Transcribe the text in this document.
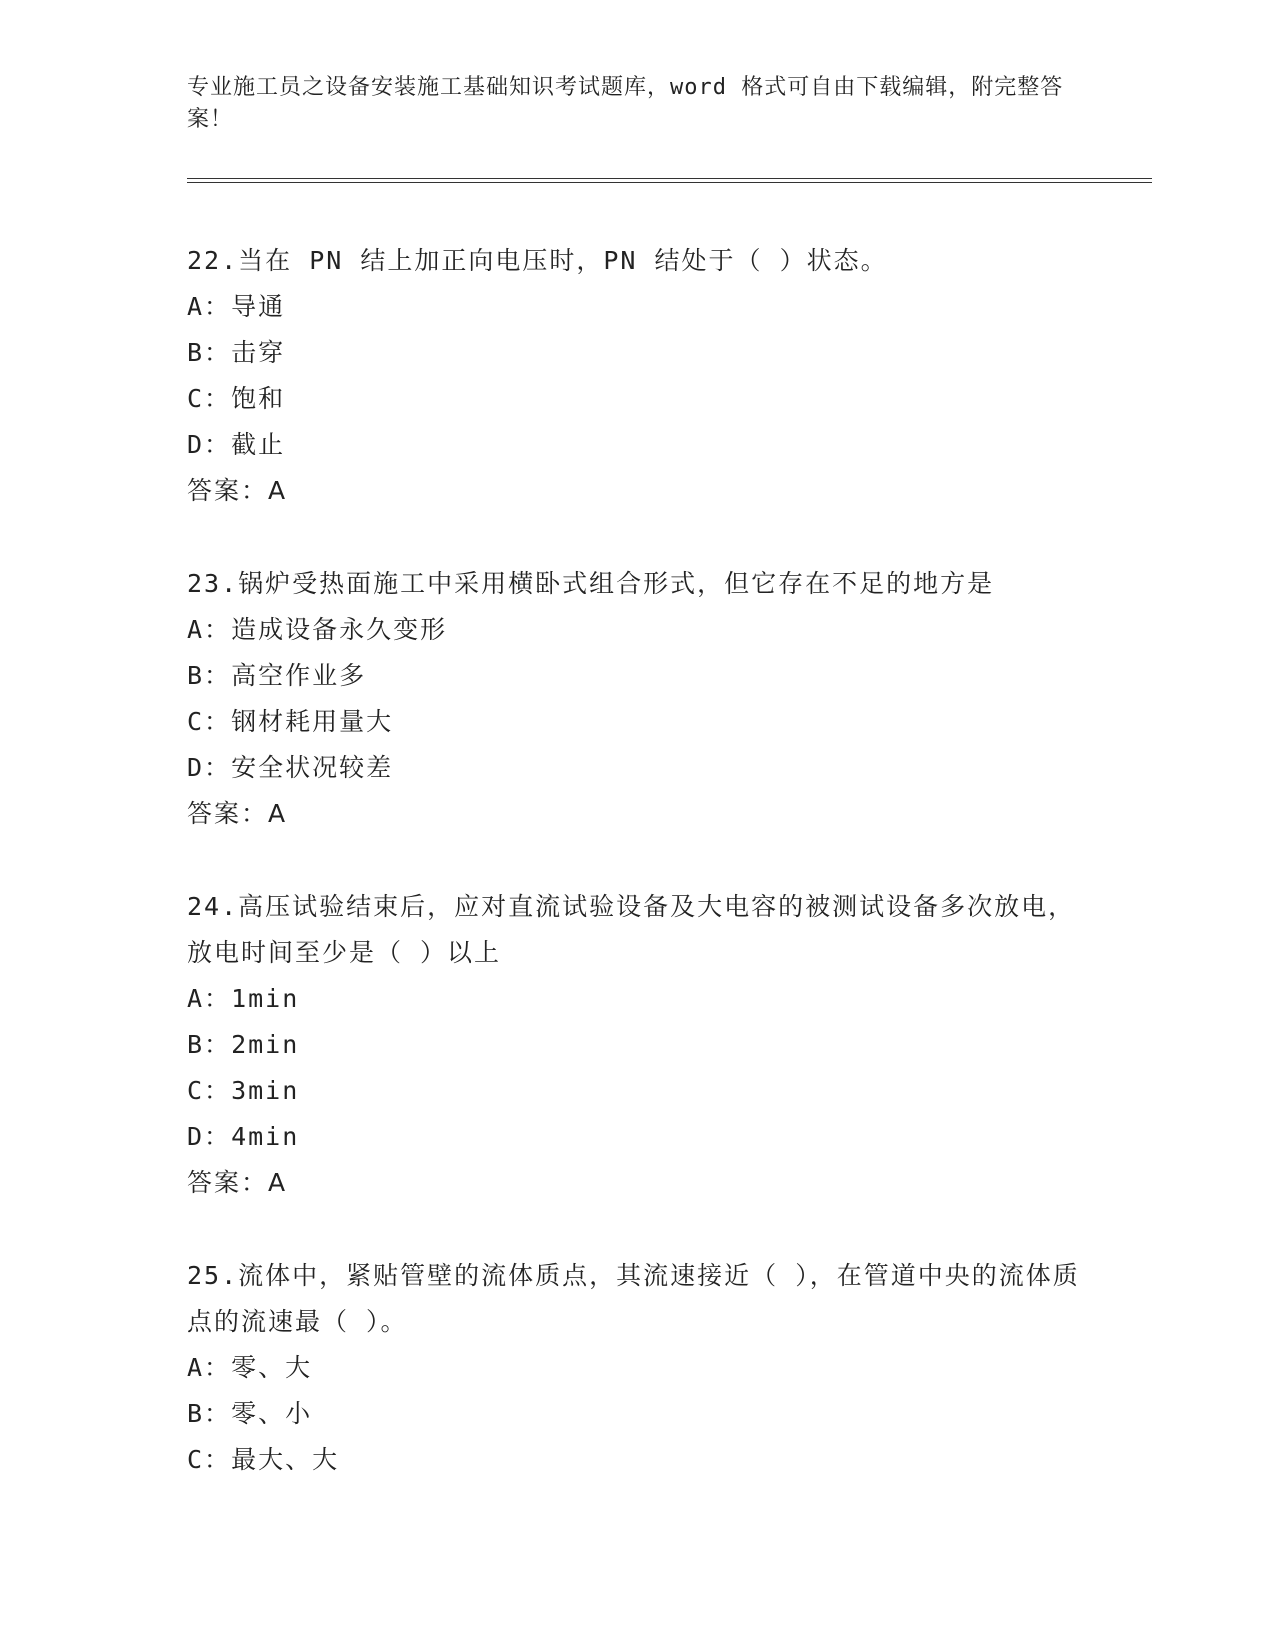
专业施工员之设备安装施工基础知识考试题库，word 格式可自由下载编辑，附完整答案！
22.当在 PN 结上加正向电压时，PN 结处于（ ）状态。
A：导通
B：击穿
C：饱和
D：截止
答案：A
23.锅炉受热面施工中采用横卧式组合形式，但它存在不足的地方是
A：造成设备永久变形
B：高空作业多
C：钢材耗用量大
D：安全状况较差
答案：A
24.高压试验结束后，应对直流试验设备及大电容的被测试设备多次放电，放电时间至少是（ ）以上
A：1min
B：2min
C：3min
D：4min
答案：A
25.流体中，紧贴管壁的流体质点，其流速接近（ ），在管道中央的流体质点的流速最（ ）。
A：零、大
B：零、小
C：最大、大
